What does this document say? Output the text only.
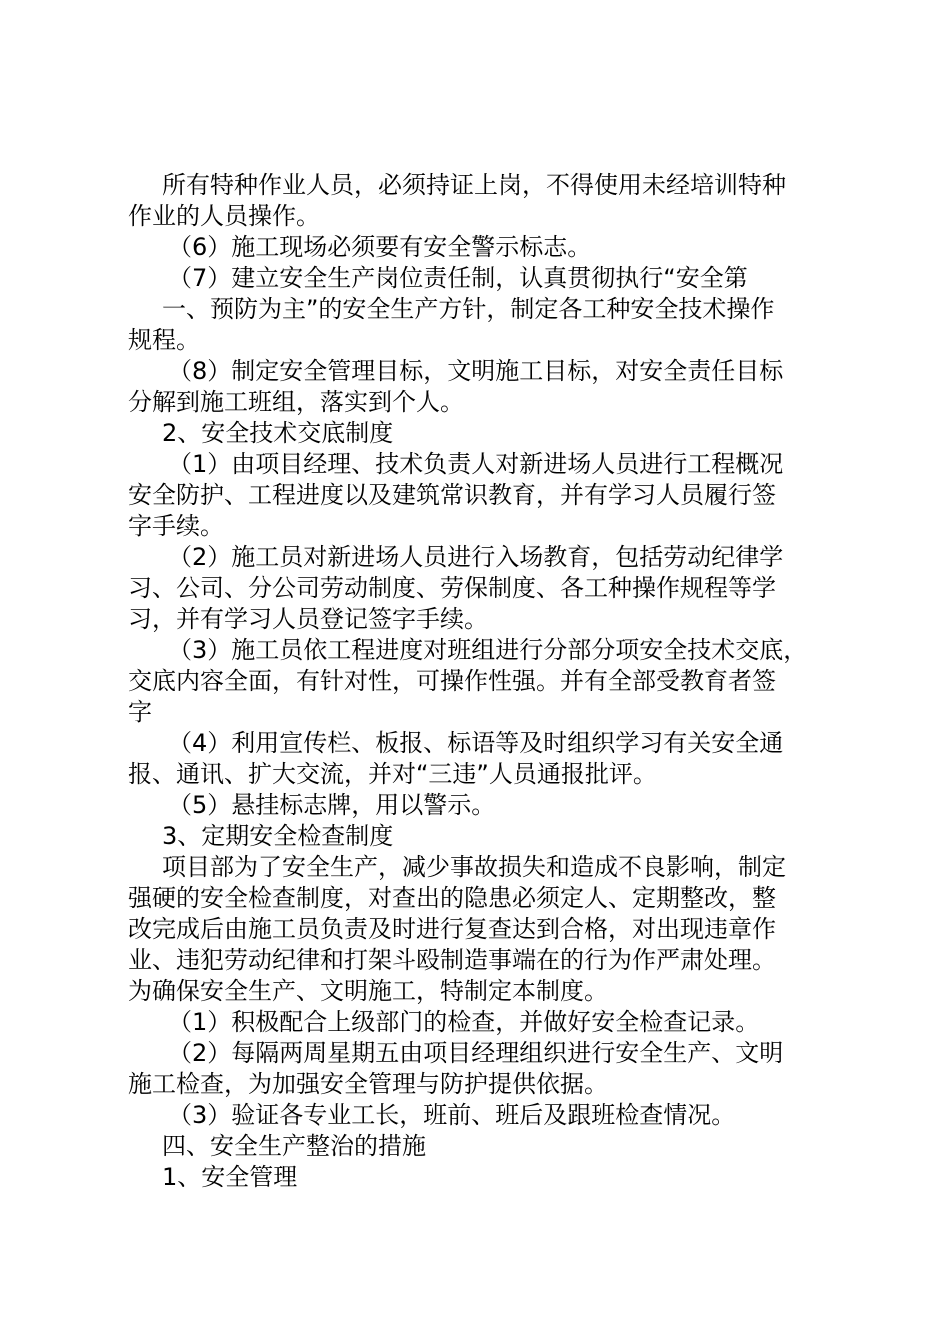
所有特种作业人员，必须持证上岗，不得使用未经培训特种
作业的人员操作。
（6）施工现场必须要有安全警示标志。
（7）建立安全生产岗位责任制，认真贯彻执行“安全第
一、预防为主”的安全生产方针，制定各工种安全技术操作
规程。
（8）制定安全管理目标，文明施工目标，对安全责任目标
分解到施工班组，落实到个人。
2、安全技术交底制度
（1）由项目经理、技术负责人对新进场人员进行工程概况
安全防护、工程进度以及建筑常识教育，并有学习人员履行签
字手续。
（2）施工员对新进场人员进行入场教育，包括劳动纪律学
习、公司、分公司劳动制度、劳保制度、各工种操作规程等学
习，并有学习人员登记签字手续。
（3）施工员依工程进度对班组进行分部分项安全技术交底，
交底内容全面，有针对性，可操作性强。并有全部受教育者签
字
（4）利用宣传栏、板报、标语等及时组织学习有关安全通
报、通讯、扩大交流，并对“三违”人员通报批评。
（5）悬挂标志牌，用以警示。
3、定期安全检查制度
项目部为了安全生产，减少事故损失和造成不良影响，制定
强硬的安全检查制度，对查出的隐患必须定人、定期整改，整
改完成后由施工员负责及时进行复查达到合格，对出现违章作
业、违犯劳动纪律和打架斗殴制造事端在的行为作严肃处理。
为确保安全生产、文明施工，特制定本制度。
（1）积极配合上级部门的检查，并做好安全检查记录。
（2）每隔两周星期五由项目经理组织进行安全生产、文明
施工检查，为加强安全管理与防护提供依据。
（3）验证各专业工长，班前、班后及跟班检查情况。
四、安全生产整治的措施
1、安全管理
